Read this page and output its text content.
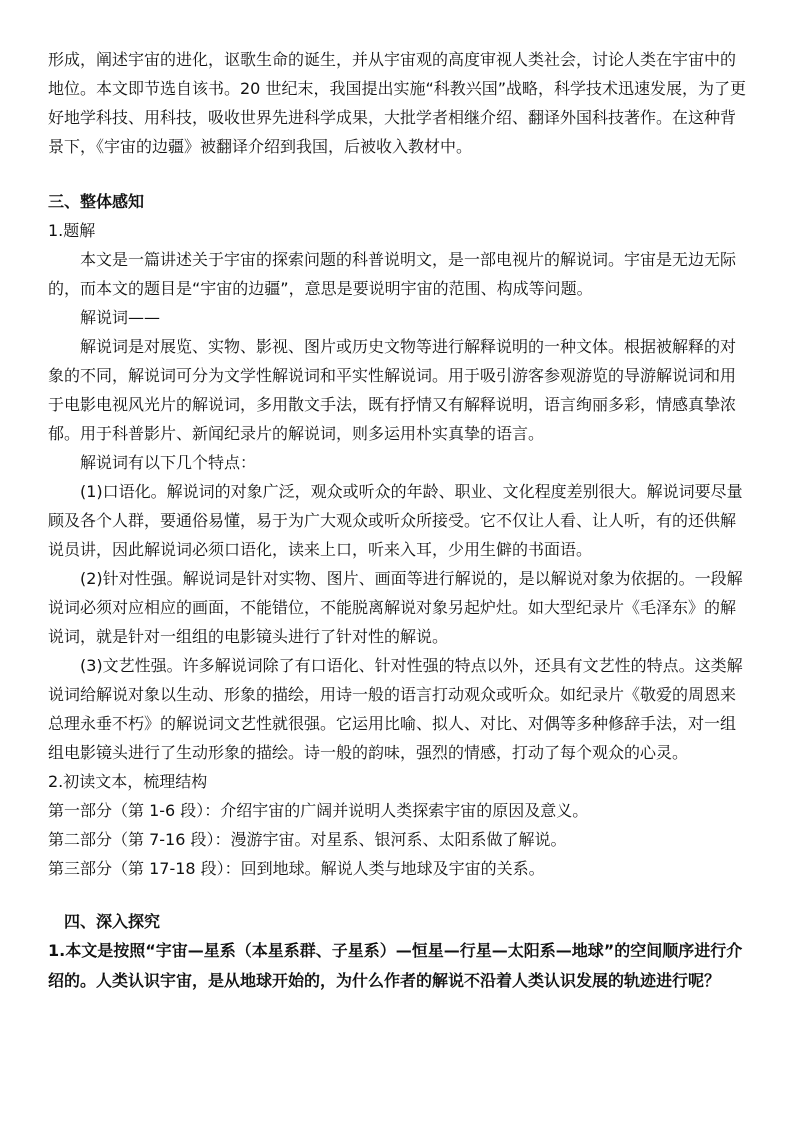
形成，阐述宇宙的进化，讴歌生命的诞生，并从宇宙观的高度审视人类社会，讨论人类在宇宙中的地位。本文即节选自该书。20 世纪末，我国提出实施“科教兴国”战略，科学技术迅速发展，为了更好地学科技、用科技，吸收世界先进科学成果，大批学者相继介绍、翻译外国科技著作。在这种背景下，《宇宙的边疆》被翻译介绍到我国，后被收入教材中。

三、整体感知

1.题解

本文是一篇讲述关于宇宙的探索问题的科普说明文，是一部电视片的解说词。宇宙是无边无际的，而本文的题目是“宇宙的边疆”，意思是要说明宇宙的范围、构成等问题。

解说词——

解说词是对展览、实物、影视、图片或历史文物等进行解释说明的一种文体。根据被解释的对象的不同，解说词可分为文学性解说词和平实性解说词。用于吸引游客参观游览的导游解说词和用于电影电视风光片的解说词，多用散文手法，既有抒情又有解释说明，语言绚丽多彩，情感真挚浓郁。用于科普影片、新闻纪录片的解说词，则多运用朴实真挚的语言。

解说词有以下几个特点：

(1)口语化。解说词的对象广泛，观众或听众的年龄、职业、文化程度差别很大。解说词要尽量顾及各个人群，要通俗易懂，易于为广大观众或听众所接受。它不仅让人看、让人听，有的还供解说员讲，因此解说词必须口语化，读来上口，听来入耳，少用生僻的书面语。

(2)针对性强。解说词是针对实物、图片、画面等进行解说的，是以解说对象为依据的。一段解说词必须对应相应的画面，不能错位，不能脱离解说对象另起炉灶。如大型纪录片《毛泽东》的解说词，就是针对一组组的电影镜头进行了针对性的解说。

(3)文艺性强。许多解说词除了有口语化、针对性强的特点以外，还具有文艺性的特点。这类解说词给解说对象以生动、形象的描绘，用诗一般的语言打动观众或听众。如纪录片《敬爱的周恩来总理永垂不朽》的解说词文艺性就很强。它运用比喻、拟人、对比、对偶等多种修辞手法，对一组组电影镜头进行了生动形象的描绘。诗一般的韵味，强烈的情感，打动了每个观众的心灵。

2.初读文本，梳理结构

第一部分（第 1-6 段）：介绍宇宙的广阔并说明人类探索宇宙的原因及意义。

第二部分（第 7-16 段）：漫游宇宙。对星系、银河系、太阳系做了解说。

第三部分（第 17-18 段）：回到地球。解说人类与地球及宇宙的关系。

四、深入探究

1.本文是按照“宇宙—星系（本星系群、子星系）—恒星—行星—太阳系—地球”的空间顺序进行介绍的。人类认识宇宙，是从地球开始的，为什么作者的解说不沿着人类认识发展的轨迹进行呢？
